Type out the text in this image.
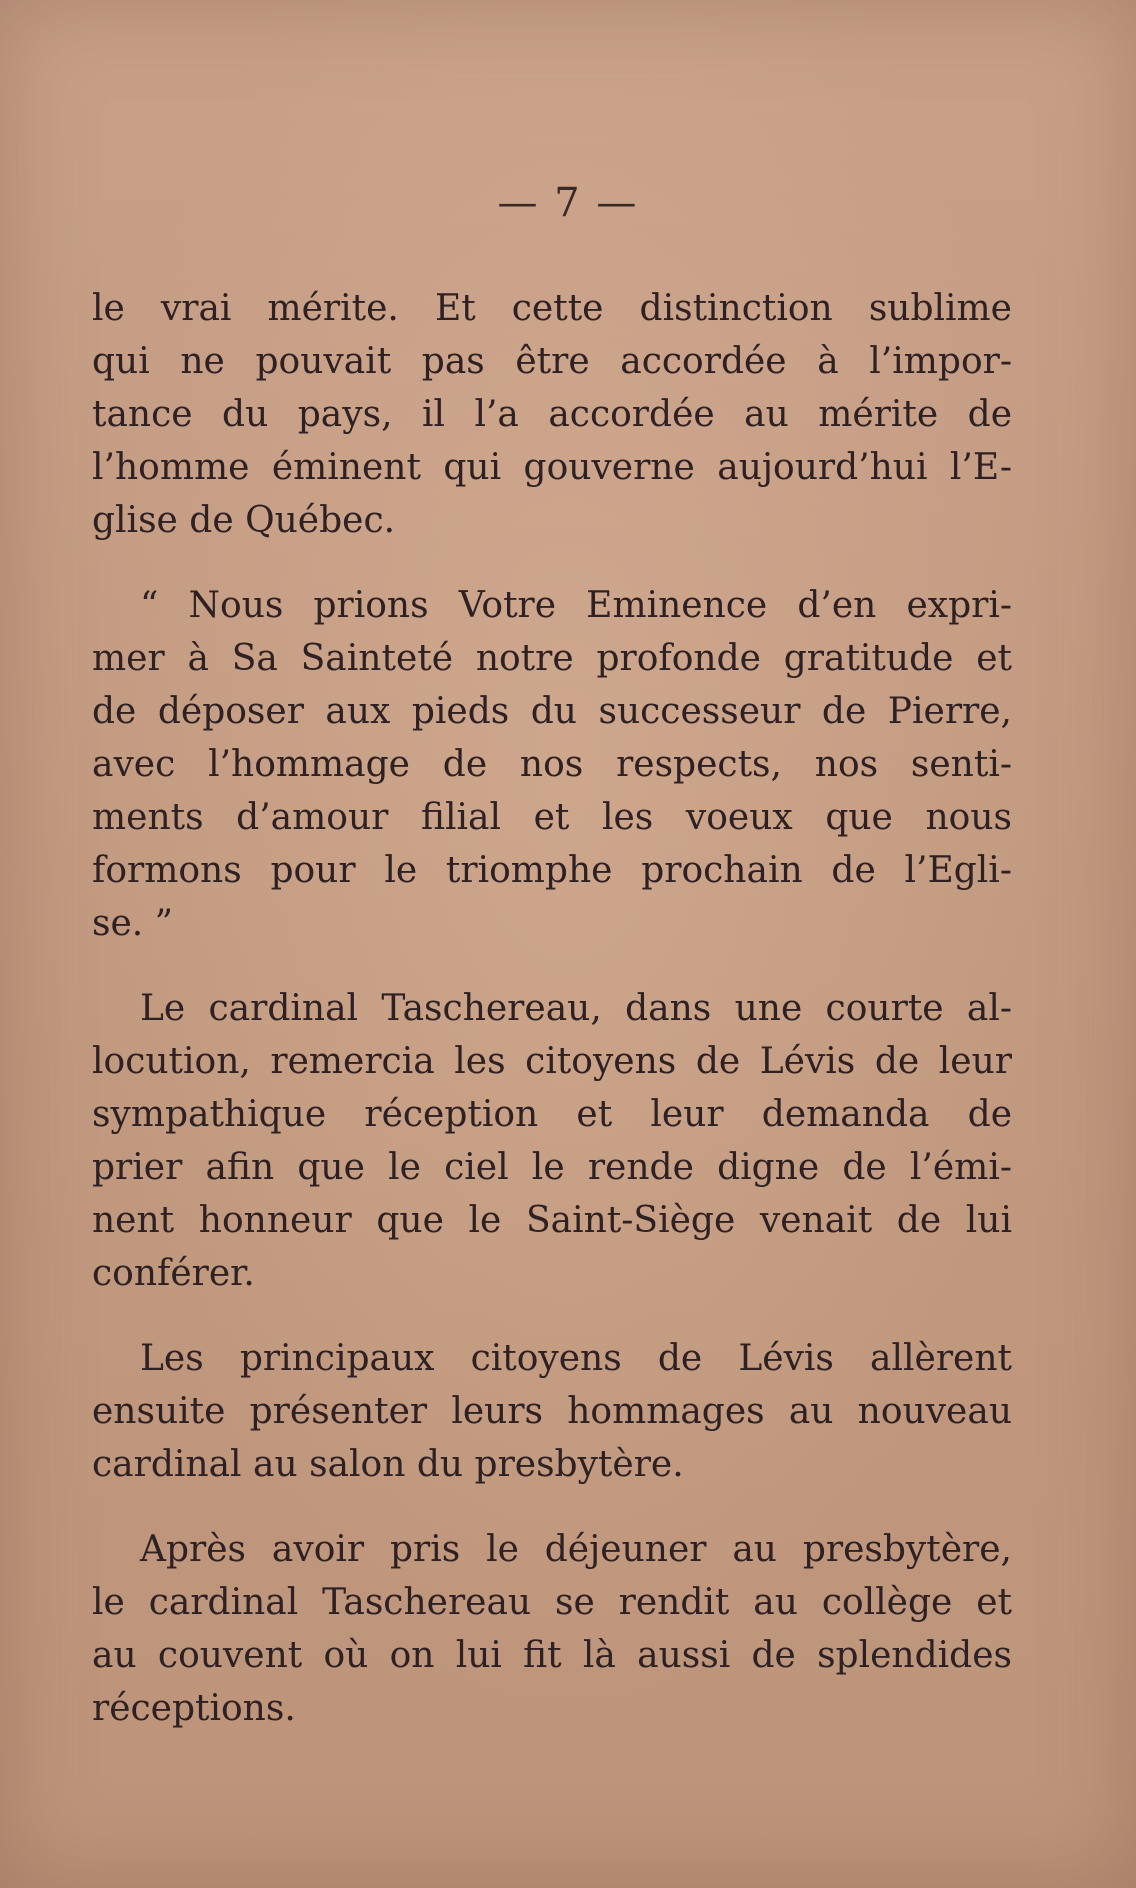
— 7 —
le vrai mérite. Et cette distinction sublime
qui ne pouvait pas être accordée à l’impor-
tance du pays, il l’a accordée au mérite de
l’homme éminent qui gouverne aujourd’hui l’E-
glise de Québec.
“ Nous prions Votre Eminence d’en expri-
mer à Sa Sainteté notre profonde gratitude et
de déposer aux pieds du successeur de Pierre,
avec l’hommage de nos respects, nos senti-
ments d’amour filial et les voeux que nous
formons pour le triomphe prochain de l’Egli-
se. ”
Le cardinal Taschereau, dans une courte al-
locution, remercia les citoyens de Lévis de leur
sympathique réception et leur demanda de
prier afin que le ciel le rende digne de l’émi-
nent honneur que le Saint-Siège venait de lui
conférer.
Les principaux citoyens de Lévis allèrent
ensuite présenter leurs hommages au nouveau
cardinal au salon du presbytère.
Après avoir pris le déjeuner au presbytère,
le cardinal Taschereau se rendit au collège et
au couvent où on lui fit là aussi de splendides
réceptions.
